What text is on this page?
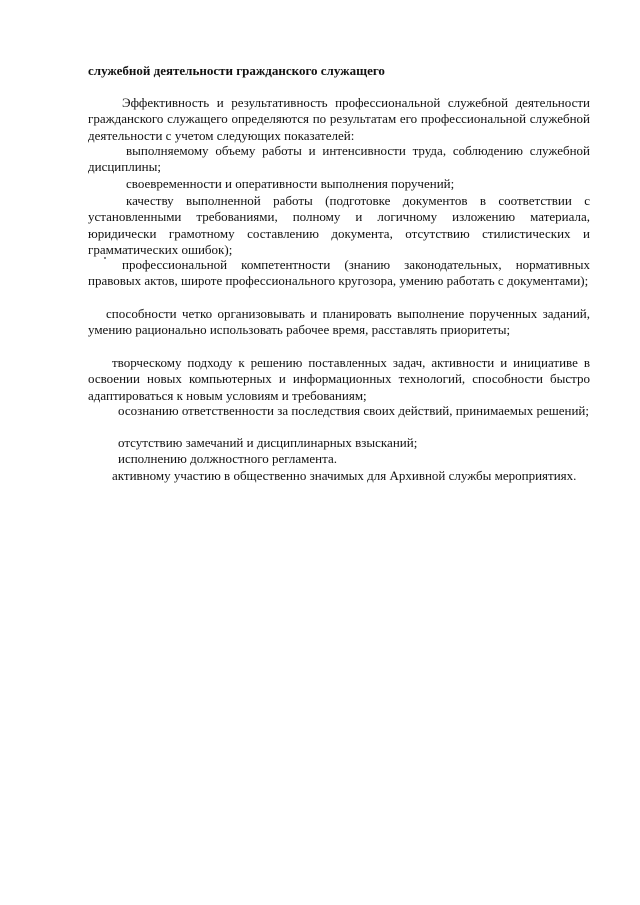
служебной деятельности гражданского служащего
Эффективность и результативность профессиональной служебной деятельности гражданского служащего определяются по результатам его профессиональной служебной деятельности с учетом следующих показателей:
выполняемому объему работы и интенсивности труда, соблюдению служебной дисциплины;
своевременности и оперативности выполнения поручений;
качеству выполненной работы (подготовке документов в соответствии с установленными требованиями, полному и логичному изложению материала, юридически грамотному составлению документа, отсутствию стилистических и грамматических ошибок);
профессиональной компетентности (знанию законодательных, нормативных правовых актов, широте профессионального кругозора, умению работать с документами);
способности четко организовывать и планировать выполнение порученных заданий, умению рационально использовать рабочее время, расставлять приоритеты;
творческому подходу к решению поставленных задач, активности и инициативе в освоении новых компьютерных и информационных технологий, способности быстро адаптироваться к новым условиям и требованиям;
осознанию ответственности за последствия своих действий, принимаемых решений;
отсутствию замечаний и дисциплинарных взысканий;
исполнению должностного регламента.
активному участию в общественно значимых для Архивной службы мероприятиях.
